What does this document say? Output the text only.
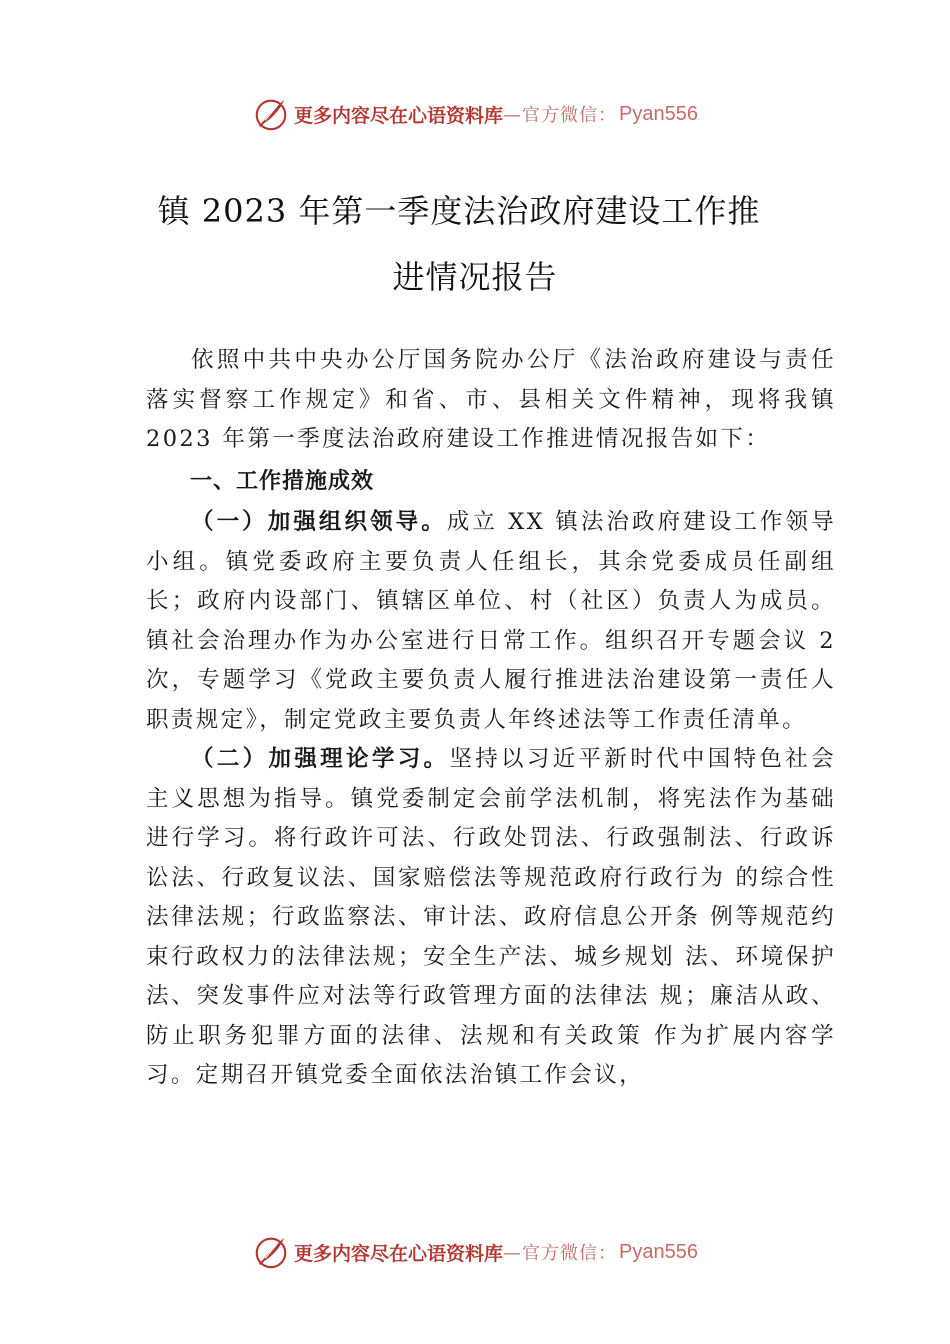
更多内容尽在心语资料库 —官方微信： Pyan556
镇 2023 年第一季度法治政府建设工作推
进情况报告

依照中共中央办公厅国务院办公厅《法治政府建设与责任落实督察工作规定》和省、市、县相关文件精神，现将我镇 2023 年第一季度法治政府建设工作推进情况报告如下：

一、工作措施成效

（一）加强组织领导。成立 XX 镇法治政府建设工作领导小组。镇党委政府主要负责人任组长，其余党委成员任副组长；政府内设部门、镇辖区单位、村（社区）负责人为成员。镇社会治理办作为办公室进行日常工作。组织召开专题会议 2 次，专题学习《党政主要负责人履行推进法治建设第一责任人职责规定》，制定党政主要负责人年终述法等工作责任清单。

（二）加强理论学习。坚持以习近平新时代中国特色社会主义思想为指导。镇党委制定会前学法机制，将宪法作为基础进行学习。将行政许可法、行政处罚法、行政强制法、行政诉讼法、行政复议法、国家赔偿法等规范政府行政行为 的综合性法律法规；行政监察法、审计法、政府信息公开条 例等规范约束行政权力的法律法规；安全生产法、城乡规划 法、环境保护法、突发事件应对法等行政管理方面的法律法 规；廉洁从政、防止职务犯罪方面的法律、法规和有关政策 作为扩展内容学习。定期召开镇党委全面依法治镇工作会议，

更多内容尽在心语资料库 —官方微信： Pyan556
